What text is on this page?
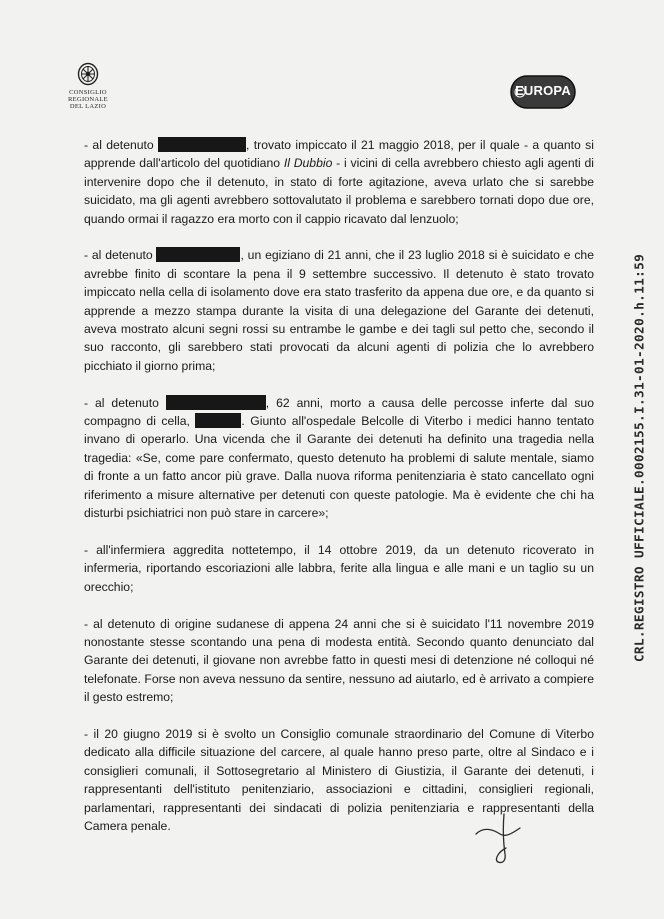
CONSIGLIO
REGIONALE
DEL LAZIO
EUROPA
CRL.REGISTRO UFFICIALE.0002155.I.31-01-2020.h.11:59

- al detenuto	, trovato impiccato il 21 maggio 2018, per il quale - a quanto si apprende dall'articolo del quotidiano Il Dubbio - i vicini di cella avrebbero chiesto agli agenti di intervenire dopo che il detenuto, in stato di forte agitazione, aveva urlato che si sarebbe suicidato, ma gli agenti avrebbero sottovalutato il problema e sarebbero tornati dopo due ore, quando ormai il ragazzo era morto con il cappio ricavato dal lenzuolo;

- al detenuto	, un egiziano di 21 anni, che il 23 luglio 2018 si è suicidato e che avrebbe finito di scontare la pena il 9 settembre successivo. Il detenuto è stato trovato impiccato nella cella di isolamento dove era stato trasferito da appena due ore, e da quanto si apprende a mezzo stampa durante la visita di una delegazione del Garante dei detenuti, aveva mostrato alcuni segni rossi su entrambe le gambe e dei tagli sul petto che, secondo il suo racconto, gli sarebbero stati provocati da alcuni agenti di polizia che lo avrebbero picchiato il giorno prima;

- al detenuto	, 62 anni, morto a causa delle percosse inferte dal suo compagno di cella,	. Giunto all'ospedale Belcolle di Viterbo i medici hanno tentato invano di operarlo. Una vicenda che il Garante dei detenuti ha definito una tragedia nella tragedia: «Se, come pare confermato, questo detenuto ha problemi di salute mentale, siamo di fronte a un fatto ancor più grave. Dalla nuova riforma penitenziaria è stato cancellato ogni riferimento a misure alternative per detenuti con queste patologie. Ma è evidente che chi ha disturbi psichiatrici non può stare in carcere»;

- all'infermiera aggredita nottetempo, il 14 ottobre 2019, da un detenuto ricoverato in infermeria, riportando escoriazioni alle labbra, ferite alla lingua e alle mani e un taglio su un orecchio;

- al detenuto di origine sudanese di appena 24 anni che si è suicidato l'11 novembre 2019 nonostante stesse scontando una pena di modesta entità. Secondo quanto denunciato dal Garante dei detenuti, il giovane non avrebbe fatto in questi mesi di detenzione né colloqui né telefonate. Forse non aveva nessuno da sentire, nessuno ad aiutarlo, ed è arrivato a compiere il gesto estremo;

- il 20 giugno 2019 si è svolto un Consiglio comunale straordinario del Comune di Viterbo dedicato alla difficile situazione del carcere, al quale hanno preso parte, oltre al Sindaco e i consiglieri comunali, il Sottosegretario al Ministero di Giustizia, il Garante dei detenuti, i rappresentanti dell'istituto penitenziario, associazioni e cittadini, consiglieri regionali, parlamentari, rappresentanti dei sindacati di polizia penitenziaria e rappresentanti della Camera penale.
